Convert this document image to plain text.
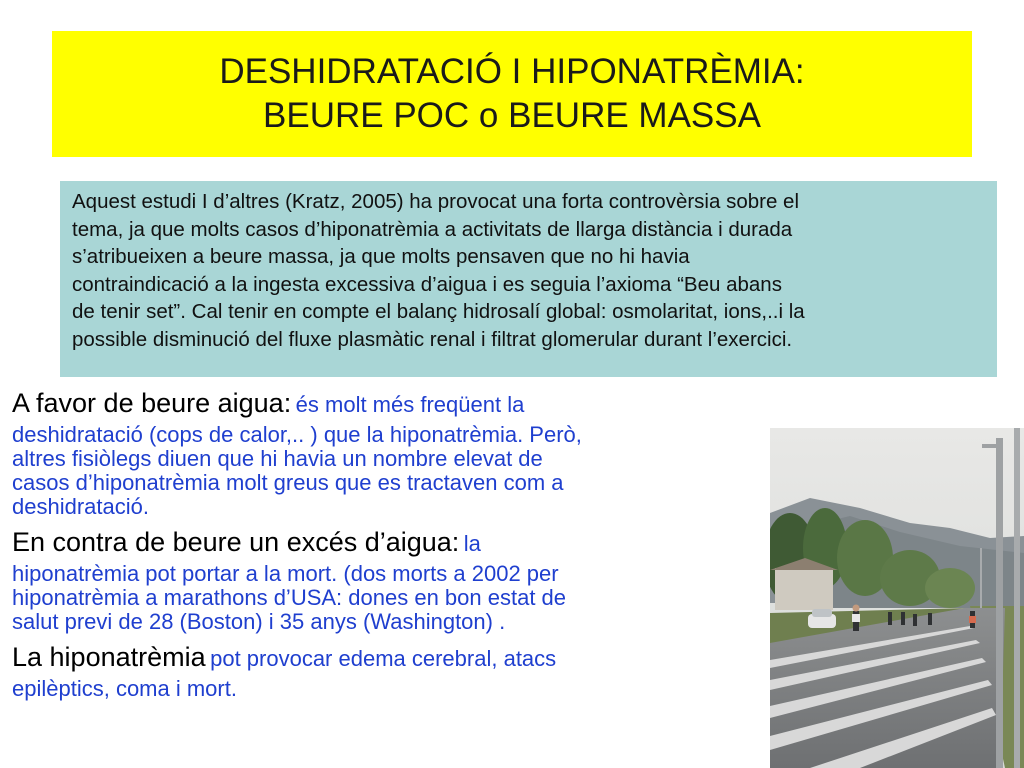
DESHIDRATACIÓ I HIPONATRÈMIA:
BEURE POC o BEURE MASSA
Aquest estudi I d’altres (Kratz, 2005) ha provocat una forta controvèrsia sobre el
tema, ja que molts casos d’hiponatrèmia a activitats de llarga distància i durada
s’atribueixen a beure massa, ja que molts pensaven que no hi havia
contraindicació a la ingesta excessiva d’aigua i es seguia l’axioma “Beu abans
de tenir set”. Cal tenir en compte el balanç hidrosalí global: osmolaritat, ions,..i la
possible disminució del fluxe plasmàtic renal i filtrat glomerular durant l’exercici.
A favor de beure aigua: és molt més freqüent la
deshidratació (cops de calor,.. ) que la hiponatrèmia. Però,
altres fisiòlegs diuen que hi havia un nombre elevat de
casos d’hiponatrèmia molt greus que es tractaven com a
deshidratació.
En contra de beure un excés d’aigua: la
hiponatrèmia pot portar a la mort. (dos morts a 2002 per
hiponatrèmia a marathons d’USA: dones en bon estat de
salut previ de 28 (Boston) i 35 anys (Washington) .
La hiponatrèmia pot provocar edema cerebral, atacs
epilèptics, coma i mort.
